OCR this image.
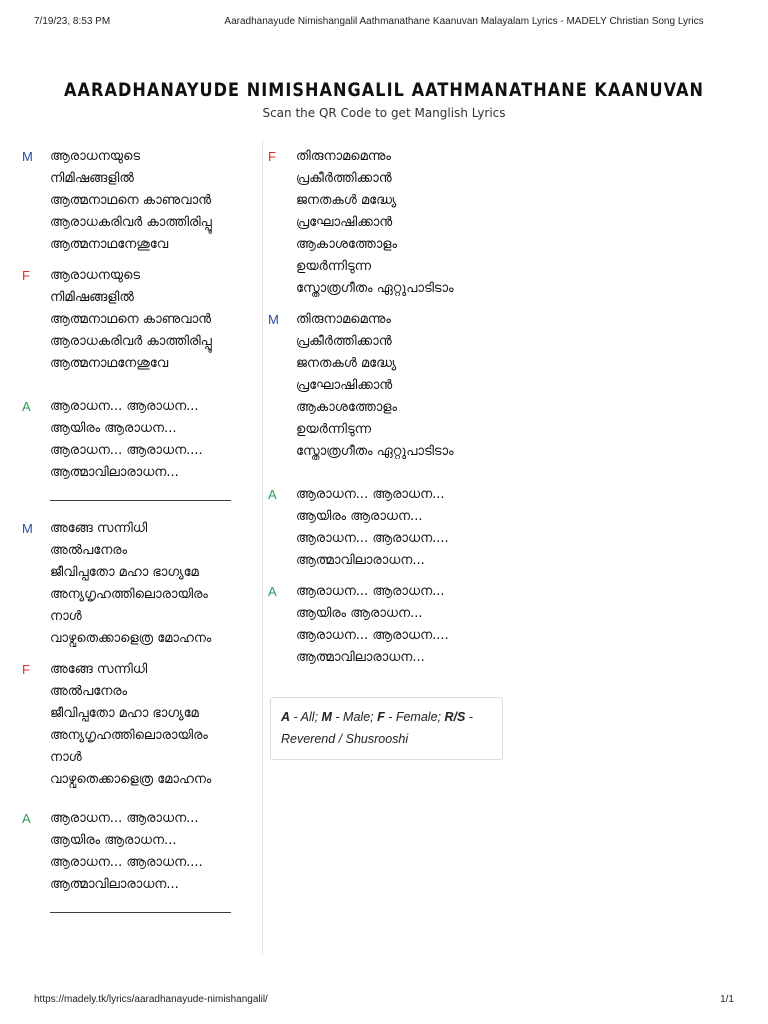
7/19/23, 8:53 PM	Aaradhanayude Nimishangalil Aathmanathane Kaanuvan Malayalam Lyrics - MADELY Christian Song Lyrics
AARADHANAYUDE NIMISHANGALIL AATHMANATHANE KAANUVAN
Scan the QR Code to get Manglish Lyrics
M	ആരാധനയുടെ
നിമിഷങ്ങളിൽ
ആത്മനാഥനെ കാണുവാൻ
ആരാധകരിവർ കാത്തിരിപ്പൂ
ആത്മനാഥനേശുവേ
F	ആരാധനയുടെ
നിമിഷങ്ങളിൽ
ആത്മനാഥനെ കാണുവാൻ
ആരാധകരിവർ കാത്തിരിപ്പൂ
ആത്മനാഥനേശുവേ
A	ആരാധന... ആരാധന...
ആയിരം ആരാധന...
ആരാധന... ആരാധന....
ആത്മാവിലാരാധന...
———————————————
M	അങ്ങേ സന്നിധി
അൽപനേരം
ജീവിപ്പതോ മഹാ ഭാഗ്യമേ
അന്യഗൃഹത്തിലൊരായിരം
നാൾ
വാഴ്വതെക്കാളെത്ര മോഹനം
F	അങ്ങേ സന്നിധി
അൽപനേരം
ജീവിപ്പതോ മഹാ ഭാഗ്യമേ
അന്യഗൃഹത്തിലൊരായിരം
നാൾ
വാഴ്വതെക്കാളെത്ര മോഹനം
A	ആരാധന... ആരാധന...
ആയിരം ആരാധന...
ആരാധന... ആരാധന....
ആത്മാവിലാരാധന...
———————————————
F	തിരുനാമമെന്നും
പ്രകീർത്തിക്കാൻ
ജനതകൾ മദ്ധ്യേ
പ്രഘോഷിക്കാൻ
ആകാശത്തോളം
ഉയർന്നിടുന്ന
സ്തോത്രഗീതം ഏറ്റുപാടിടാം
M	തിരുനാമമെന്നും
പ്രകീർത്തിക്കാൻ
ജനതകൾ മദ്ധ്യേ
പ്രഘോഷിക്കാൻ
ആകാശത്തോളം
ഉയർന്നിടുന്ന
സ്തോത്രഗീതം ഏറ്റുപാടിടാം
A	ആരാധന... ആരാധന...
ആയിരം ആരാധന...
ആരാധന... ആരാധന....
ആത്മാവിലാരാധന...
A	ആരാധന... ആരാധന...
ആയിരം ആരാധന...
ആരാധന... ആരാധന....
ആത്മാവിലാരാധന...
A - All; M - Male; F - Female; R/S - Reverend / Shusrooshi
https://madely.tk/lyrics/aaradhanayude-nimishangalil/	1/1
